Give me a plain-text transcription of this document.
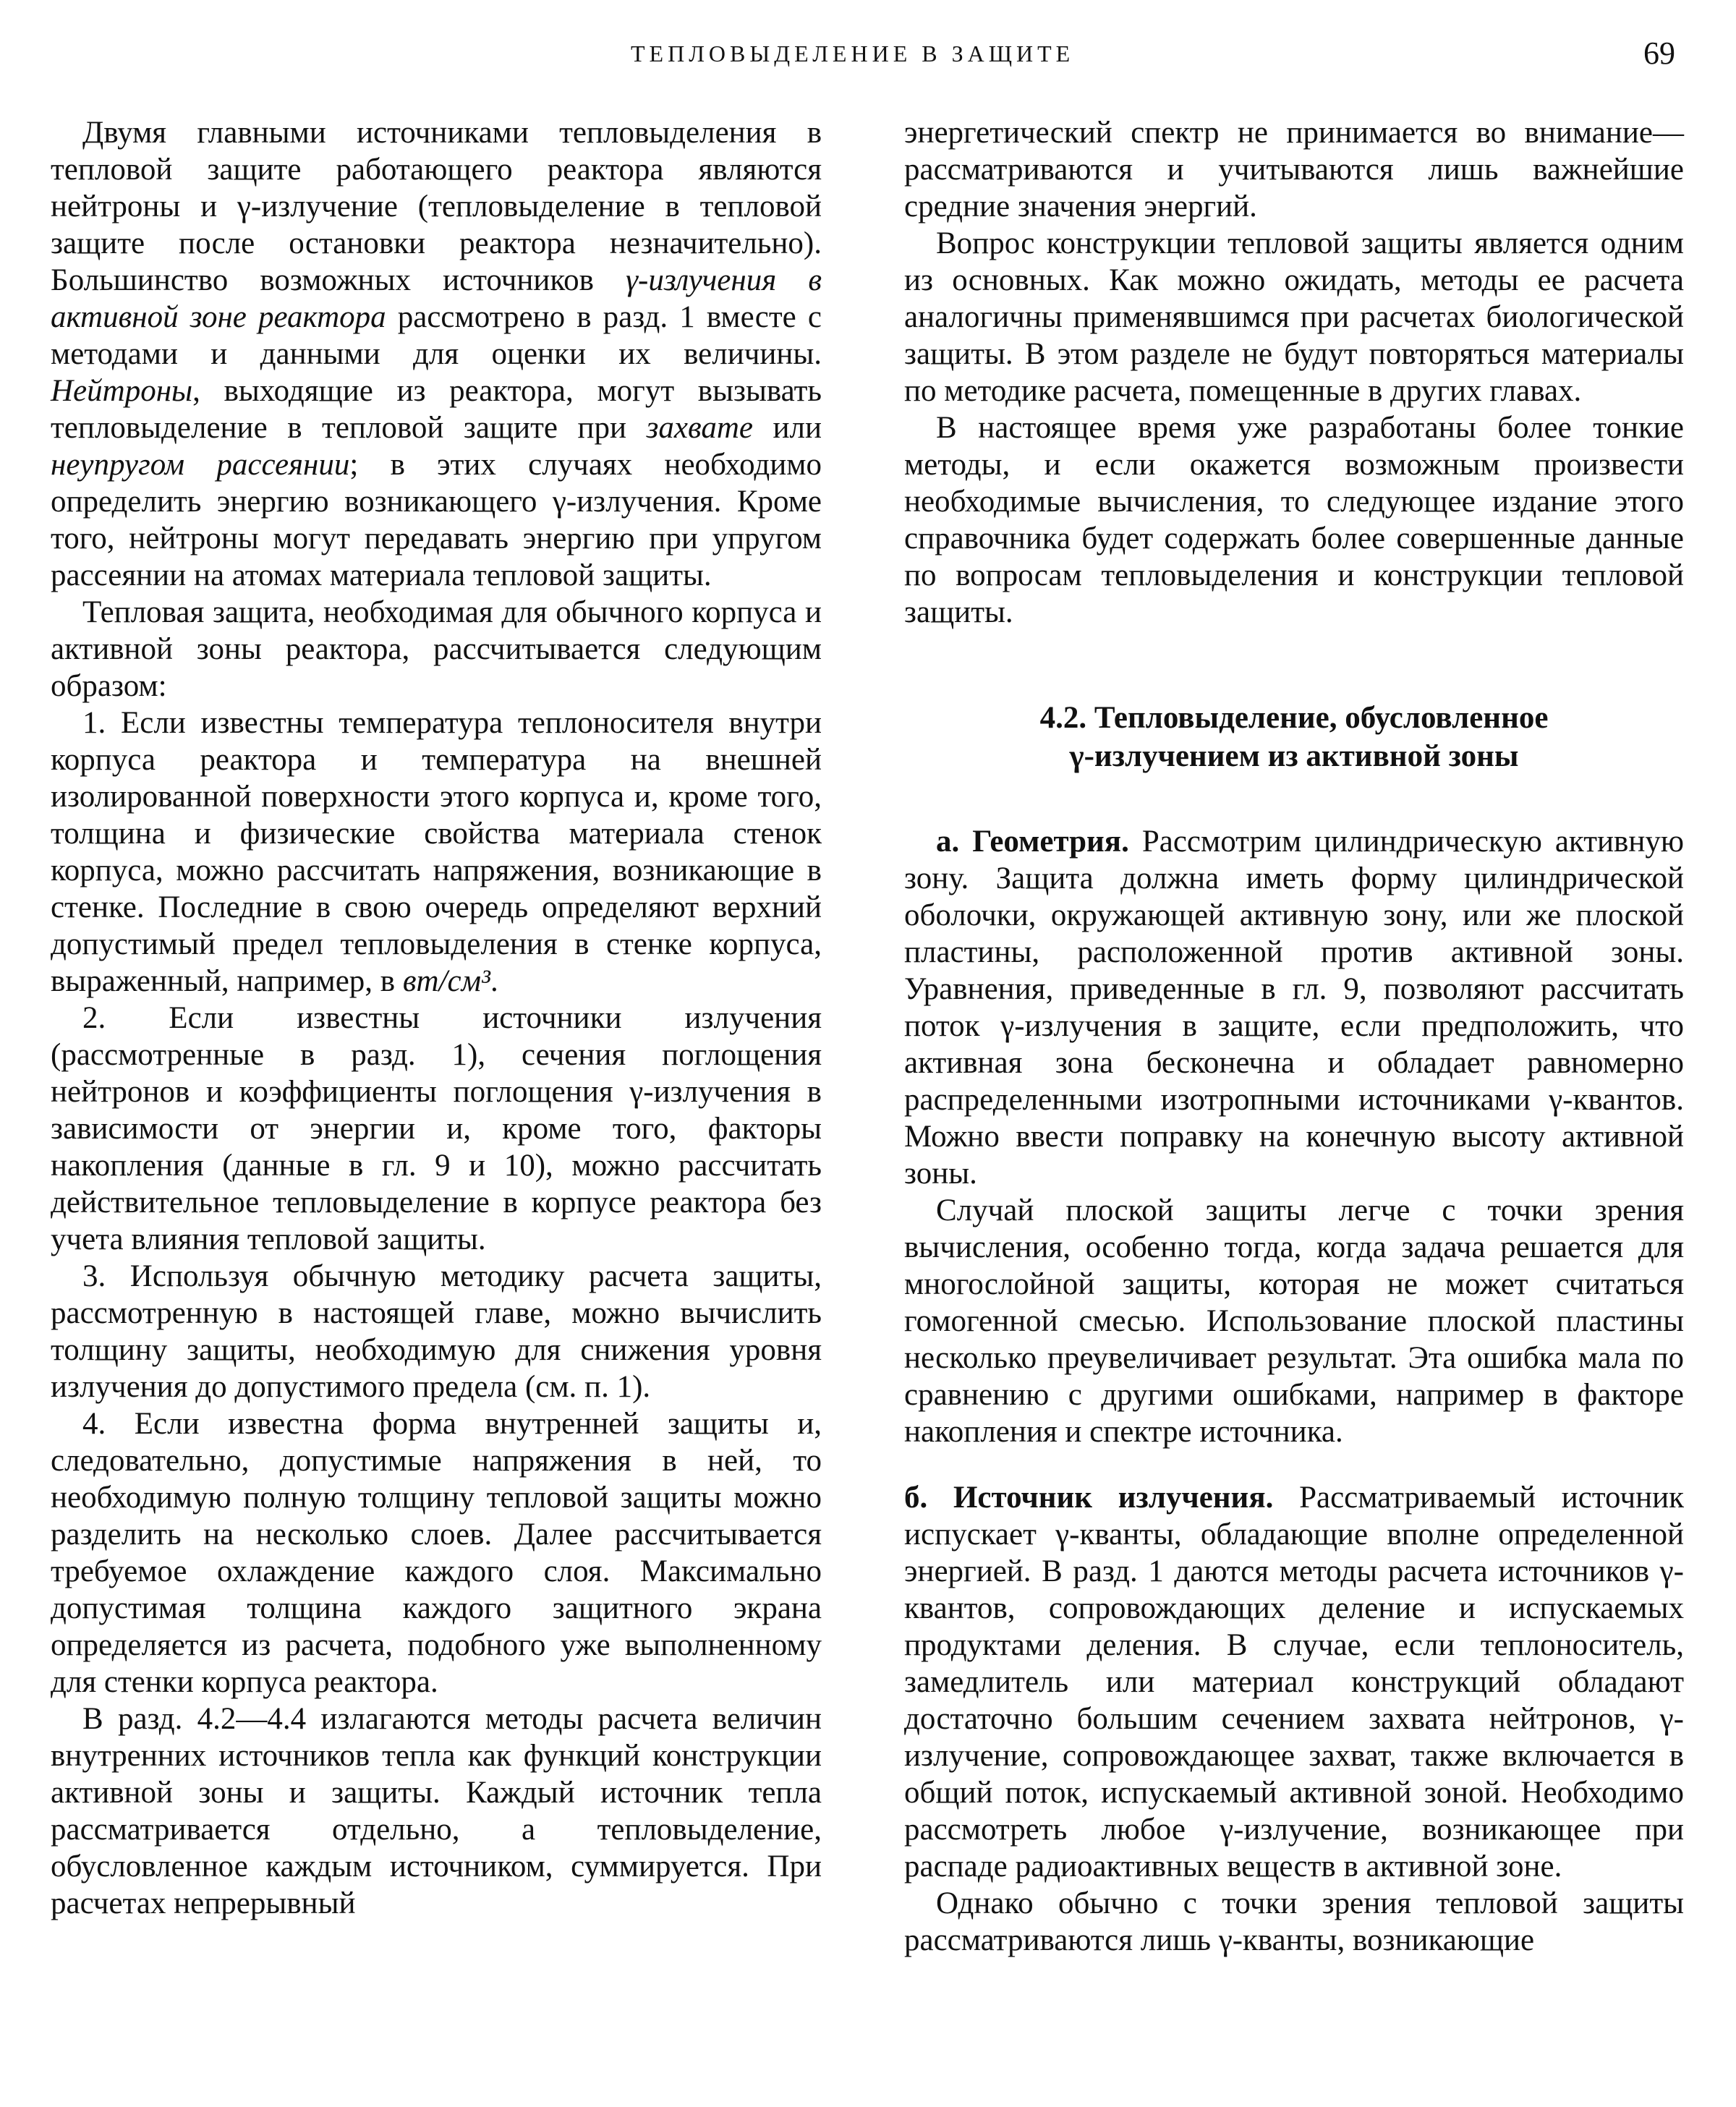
ТЕПЛОВЫДЕЛЕНИЕ В ЗАЩИТЕ	69

Двумя главными источниками тепловыделения в тепловой защите работающего реактора являются нейтроны и γ-излучение (тепловыделение в тепловой защите после остановки реактора незначительно). Большинство возможных источников γ-излучения в активной зоне реактора рассмотрено в разд. 1 вместе с методами и данными для оценки их величины. Нейтроны, выходящие из реактора, могут вызывать тепловыделение в тепловой защите при захвате или неупругом рассеянии; в этих случаях необходимо определить энергию возникающего γ-излучения. Кроме того, нейтроны могут передавать энергию при упругом рассеянии на атомах материала тепловой защиты.

Тепловая защита, необходимая для обычного корпуса и активной зоны реактора, рассчитывается следующим образом:

1. Если известны температура теплоносителя внутри корпуса реактора и температура на внешней изолированной поверхности этого корпуса и, кроме того, толщина и физические свойства материала стенок корпуса, можно рассчитать напряжения, возникающие в стенке. Последние в свою очередь определяют верхний допустимый предел тепловыделения в стенке корпуса, выраженный, например, в вт/см³.

2. Если известны источники излучения (рассмотренные в разд. 1), сечения поглощения нейтронов и коэффициенты поглощения γ-излучения в зависимости от энергии и, кроме того, факторы накопления (данные в гл. 9 и 10), можно рассчитать действительное тепловыделение в корпусе реактора без учета влияния тепловой защиты.

3. Используя обычную методику расчета защиты, рассмотренную в настоящей главе, можно вычислить толщину защиты, необходимую для снижения уровня излучения до допустимого предела (см. п. 1).

4. Если известна форма внутренней защиты и, следовательно, допустимые напряжения в ней, то необходимую полную толщину тепловой защиты можно разделить на несколько слоев. Далее рассчитывается требуемое охлаждение каждого слоя. Максимально допустимая толщина каждого защитного экрана определяется из расчета, подобного уже выполненному для стенки корпуса реактора.

В разд. 4.2—4.4 излагаются методы расчета величин внутренних источников тепла как функций конструкции активной зоны и защиты. Каждый источник тепла рассматривается отдельно, а тепловыделение, обусловленное каждым источником, суммируется. При расчетах непрерывный

энергетический спектр не принимается во внимание—рассматриваются и учитываются лишь важнейшие средние значения энергий.

Вопрос конструкции тепловой защиты является одним из основных. Как можно ожидать, методы ее расчета аналогичны применявшимся при расчетах биологической защиты. В этом разделе не будут повторяться материалы по методике расчета, помещенные в других главах.

В настоящее время уже разработаны более тонкие методы, и если окажется возможным произвести необходимые вычисления, то следующее издание этого справочника будет содержать более совершенные данные по вопросам тепловыделения и конструкции тепловой защиты.

4.2. Тепловыделение, обусловленное
γ-излучением из активной зоны

а. Геометрия. Рассмотрим цилиндрическую активную зону. Защита должна иметь форму цилиндрической оболочки, окружающей активную зону, или же плоской пластины, расположенной против активной зоны. Уравнения, приведенные в гл. 9, позволяют рассчитать поток γ-излучения в защите, если предположить, что активная зона бесконечна и обладает равномерно распределенными изотропными источниками γ-квантов. Можно ввести поправку на конечную высоту активной зоны.

Случай плоской защиты легче с точки зрения вычисления, особенно тогда, когда задача решается для многослойной защиты, которая не может считаться гомогенной смесью. Использование плоской пластины несколько преувеличивает результат. Эта ошибка мала по сравнению с другими ошибками, например в факторе накопления и спектре источника.

б. Источник излучения. Рассматриваемый источник испускает γ-кванты, обладающие вполне определенной энергией. В разд. 1 даются методы расчета источников γ-квантов, сопровождающих деление и испускаемых продуктами деления. В случае, если теплоноситель, замедлитель или материал конструкций обладают достаточно большим сечением захвата нейтронов, γ-излучение, сопровождающее захват, также включается в общий поток, испускаемый активной зоной. Необходимо рассмотреть любое γ-излучение, возникающее при распаде радиоактивных веществ в активной зоне.

Однако обычно с точки зрения тепловой защиты рассматриваются лишь γ-кванты, возникающие
